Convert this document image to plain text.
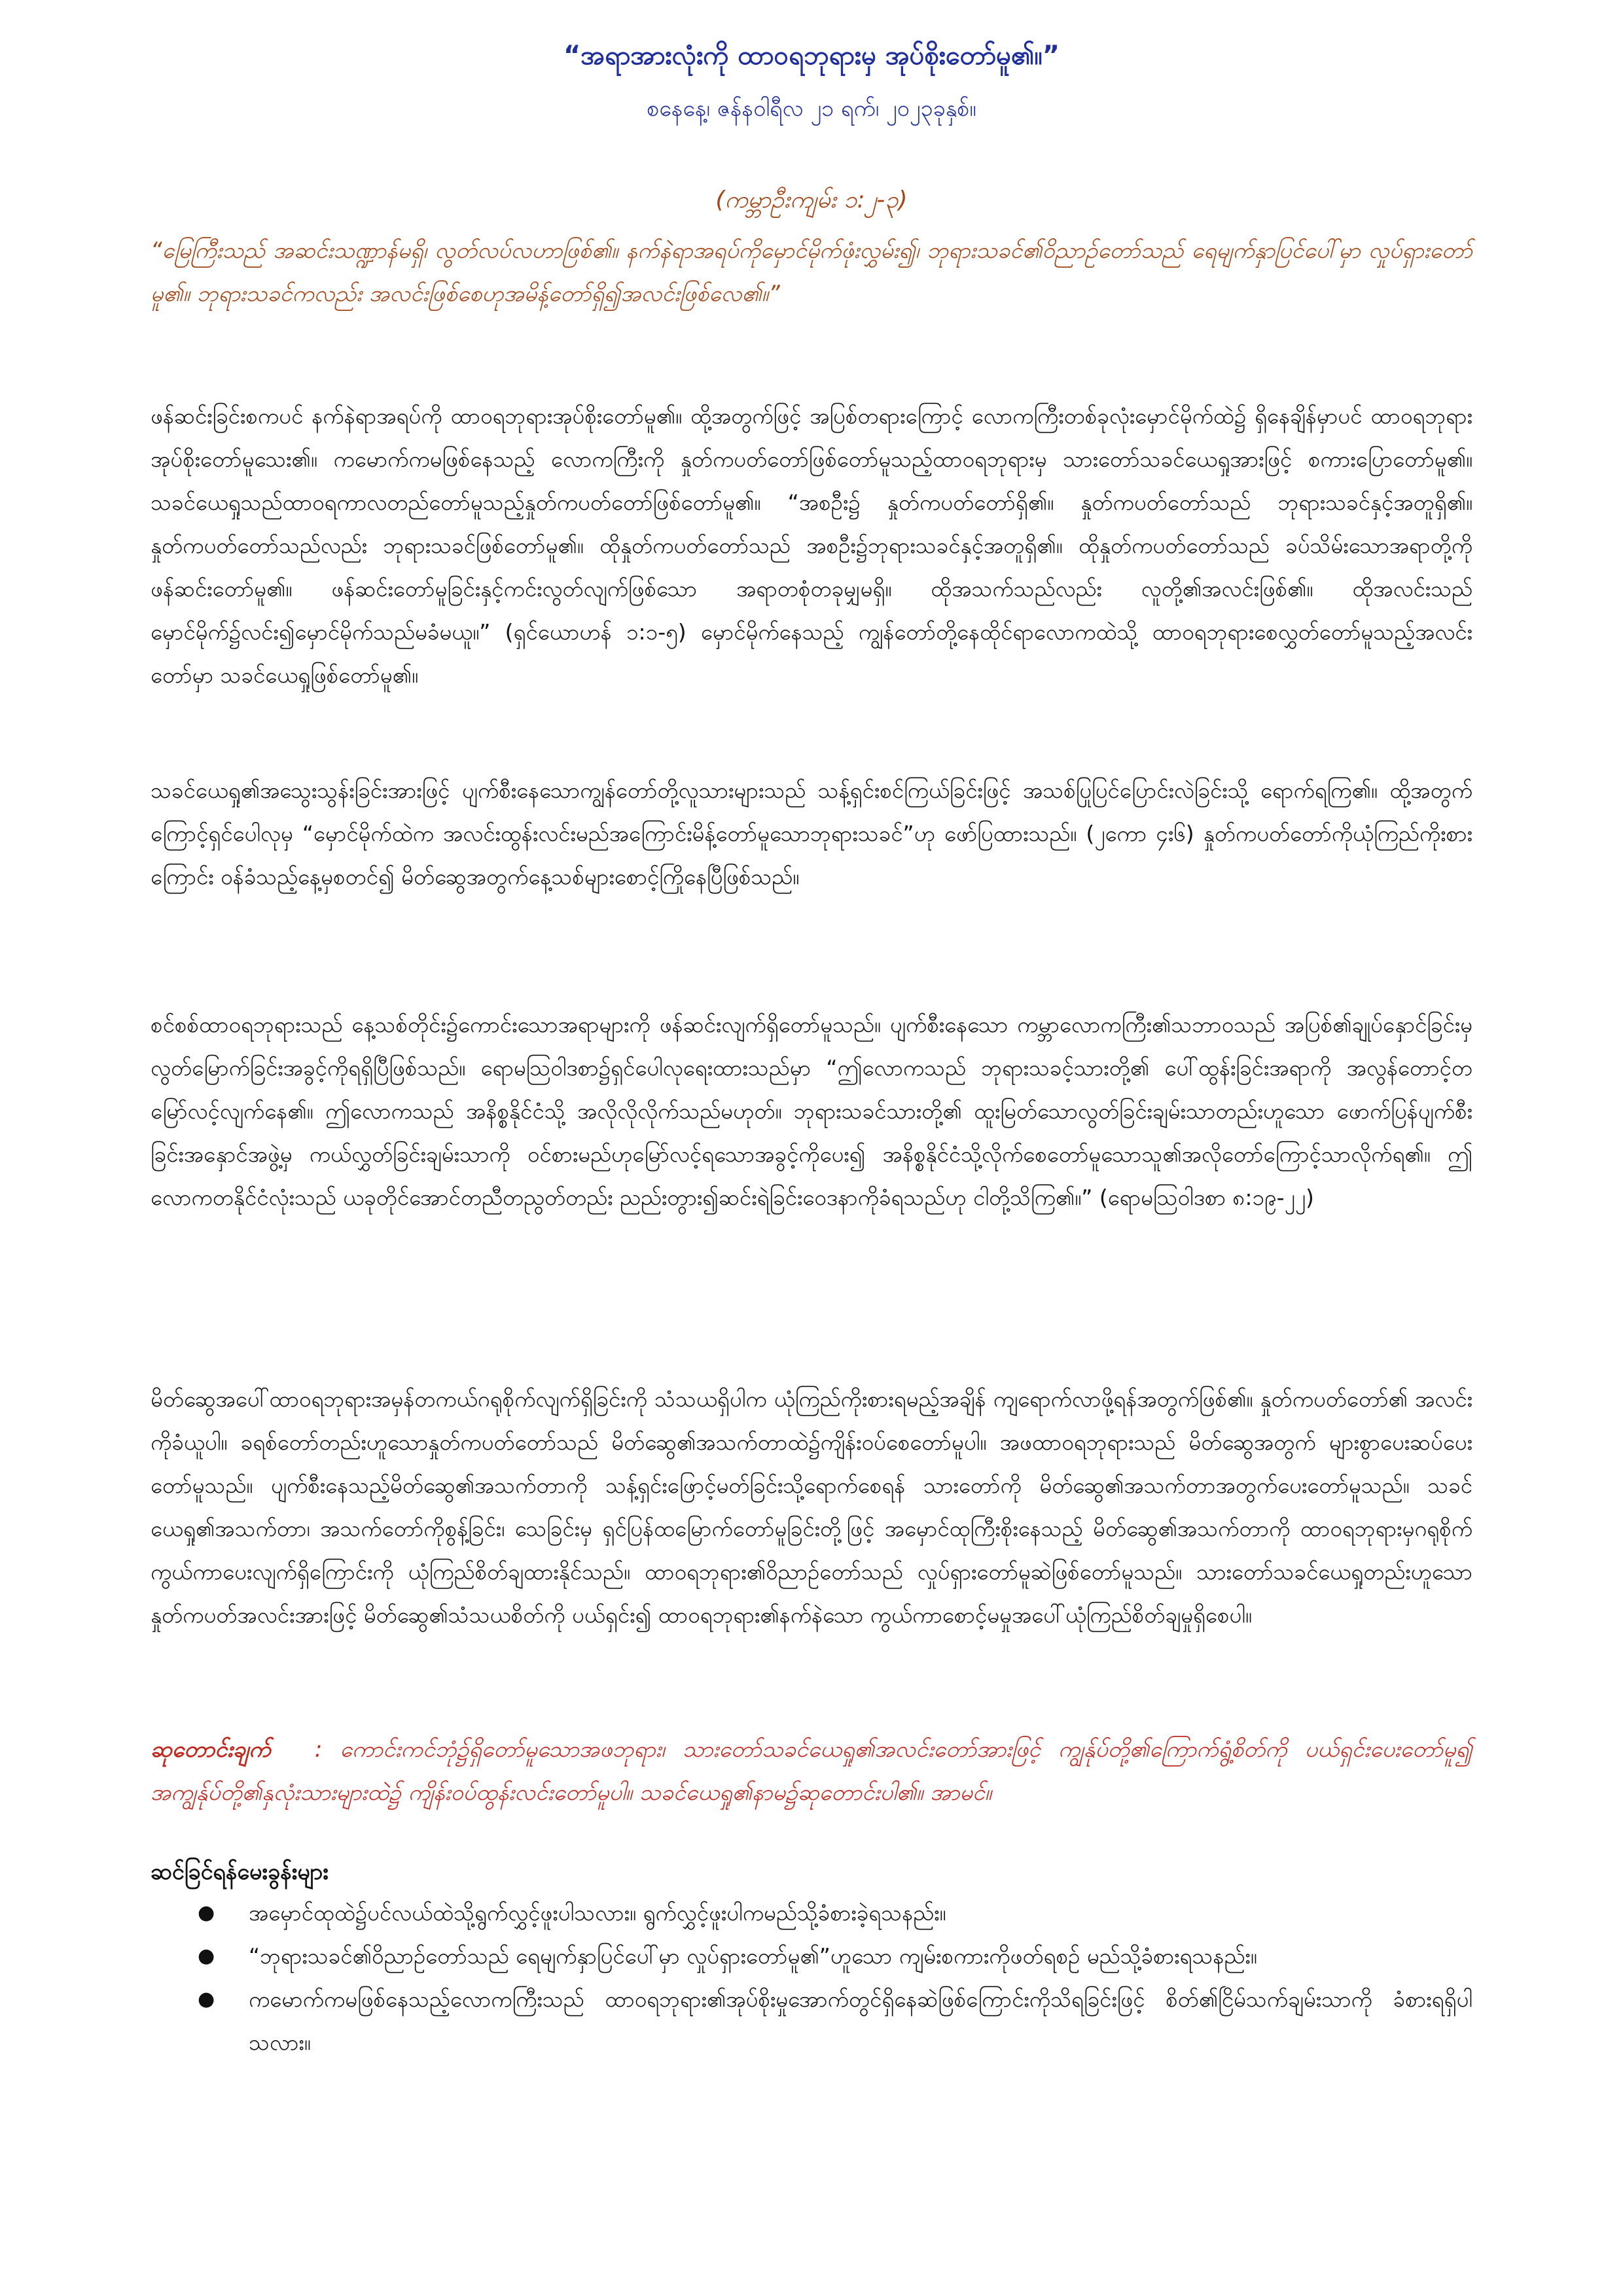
“အရာအားလုံးကို ထာဝရဘုရားမှ အုပ်စိုးတော်မူ၏။”
စနေနေ့၊ ဇန်နဝါရီလ ၂၁ ရက်၊ ၂၀၂၃ခုနှစ်။
(ကမ္ဘာဦးကျမ်း ၁:၂-၃)
“မြေကြီးသည် အဆင်းသဏ္ဍာန်မရှိ၊ လွတ်လပ်လဟာဖြစ်၏။ နက်နဲရာအရပ်ကိုမှောင်မိုက်ဖုံးလွှမ်း၍၊ ဘုရားသခင်၏ဝိညာဉ်တော်သည် ရေမျက်နှာပြင်ပေါ်မှာ လှုပ်ရှားတော်မူ၏။ ဘုရားသခင်ကလည်း အလင်းဖြစ်စေဟုအမိန့်တော်ရှိ၍အလင်းဖြစ်လေ၏။”

ဖန်ဆင်းခြင်းစကပင် နက်နဲရာအရပ်ကို ထာဝရဘုရားအုပ်စိုးတော်မူ၏။ ထို့အတွက်ဖြင့် အပြစ်တရားကြောင့် လောကကြီးတစ်ခုလုံးမှောင်မိုက်ထဲ၌ ရှိနေချိန်မှာပင် ထာဝရဘုရားအုပ်စိုးတော်မူသေး၏။ ကမောက်ကမဖြစ်နေသည့် လောကကြီးကို နှုတ်ကပတ်တော်ဖြစ်တော်မူသည့်ထာဝရဘုရားမှ သားတော်သခင်ယေရှုအားဖြင့် စကားပြောတော်မူ၏။ သခင်ယေရှုသည်ထာဝရကာလတည်တော်မူသည့်နှုတ်ကပတ်တော်ဖြစ်တော်မူ၏။ “အစဦး၌ နှုတ်ကပတ်တော်ရှိ၏။ နှုတ်ကပတ်တော်သည် ဘုရားသခင်နှင့်အတူရှိ၏။ နှုတ်ကပတ်တော်သည်လည်း ဘုရားသခင်ဖြစ်တော်မူ၏။ ထိုနှုတ်ကပတ်တော်သည် အစဦး၌ဘုရားသခင်နှင့်အတူရှိ၏။ ထိုနှုတ်ကပတ်တော်သည် ခပ်သိမ်းသောအရာတို့ကို ဖန်ဆင်းတော်မူ၏။ ဖန်ဆင်းတော်မူခြင်းနှင့်ကင်းလွတ်လျက်ဖြစ်သော အရာတစုံတခုမျှမရှိ။ ထိုအသက်သည်လည်း လူတို့၏အလင်းဖြစ်၏။ ထိုအလင်းသည်မှောင်မိုက်၌လင်း၍မှောင်မိုက်သည်မခံမယူ။” (ရှင်ယောဟန် ၁:၁-၅) မှောင်မိုက်နေသည့် ကျွန်တော်တို့နေထိုင်ရာလောကထဲသို့ ထာဝရဘုရားစေလွှတ်တော်မူသည့်အလင်းတော်မှာ သခင်ယေရှုဖြစ်တော်မူ၏။

သခင်ယေရှု၏အသွေးသွန်းခြင်းအားဖြင့် ပျက်စီးနေသောကျွန်တော်တို့လူသားများသည် သန့်ရှင်းစင်ကြယ်ခြင်းဖြင့် အသစ်ပြုပြင်ပြောင်းလဲခြင်းသို့ ရောက်ရကြ၏။ ထို့အတွက်ကြောင့်ရှင်ပေါလုမှ “မှောင်မိုက်ထဲက အလင်းထွန်းလင်းမည်အကြောင်းမိန့်တော်မူသောဘုရားသခင်”ဟု ဖော်ပြထားသည်။ (၂ကော ၄း၆) နှုတ်ကပတ်တော်ကိုယုံကြည်ကိုးစားကြောင်း ဝန်ခံသည့်နေ့မှစတင်၍ မိတ်ဆွေအတွက်နေ့သစ်များစောင့်ကြိုနေပြီဖြစ်သည်။

စင်စစ်ထာဝရဘုရားသည် နေ့သစ်တိုင်း၌ကောင်းသောအရာများကို ဖန်ဆင်းလျက်ရှိတော်မူသည်။ ပျက်စီးနေသော ကမ္ဘာလောကကြီး၏သဘာဝသည် အပြစ်၏ချုပ်နှောင်ခြင်းမှ လွတ်မြောက်ခြင်းအခွင့်ကိုရရှိပြီဖြစ်သည်။ ရောမသြဝါဒစာ၌ရှင်ပေါလုရေးထားသည်မှာ “ဤလောကသည် ဘုရားသခင့်သားတို့၏ ပေါ်ထွန်းခြင်းအရာကို အလွန်တောင့်တမြော်လင့်လျက်နေ၏။ ဤလောကသည် အနိစ္စနိုင်ငံသို့ အလိုလိုလိုက်သည်မဟုတ်။ ဘုရားသခင်သားတို့၏ ထူးမြတ်သောလွတ်ခြင်းချမ်းသာတည်းဟူသော ဖောက်ပြန်ပျက်စီးခြင်းအနှောင်အဖွဲ့မှ ကယ်လွှတ်ခြင်းချမ်းသာကို ဝင်စားမည်ဟုမြော်လင့်ရသောအခွင့်ကိုပေး၍ အနိစ္စနိုင်ငံသို့လိုက်စေတော်မူသောသူ၏အလိုတော်ကြောင့်သာလိုက်ရ၏။ ဤလောကတနိုင်ငံလုံးသည် ယခုတိုင်အောင်တညီတညွတ်တည်း ညည်းတွား၍ဆင်းရဲခြင်းဝေဒနာကိုခံရသည်ဟု ငါတို့သိကြ၏။” (ရောမသြဝါဒစာ ၈:၁၉-၂၂)

မိတ်ဆွေအပေါ်ထာဝရဘုရားအမှန်တကယ်ဂရုစိုက်လျက်ရှိခြင်းကို သံသယရှိပါက ယုံကြည်ကိုးစားရမည့်အချိန် ကျရောက်လာဖို့ရန်အတွက်ဖြစ်၏။ နှုတ်ကပတ်တော်၏ အလင်းကိုခံယူပါ။ ခရစ်တော်တည်းဟူသောနှုတ်ကပတ်တော်သည် မိတ်ဆွေ၏အသက်တာထဲ၌ကျိန်းဝပ်စေတော်မူပါ။ အဖထာဝရဘုရားသည် မိတ်ဆွေအတွက် များစွာပေးဆပ်ပေးတော်မူသည်။ ပျက်စီးနေသည့်မိတ်ဆွေ၏အသက်တာကို သန့်ရှင်းဖြောင့်မတ်ခြင်းသို့ရောက်စေရန် သားတော်ကို မိတ်ဆွေ၏အသက်တာအတွက်ပေးတော်မူသည်။ သခင်ယေရှု၏အသက်တာ၊ အသက်တော်ကိုစွန့်ခြင်း၊ သေခြင်းမှ ရှင်ပြန်ထမြောက်တော်မူခြင်းတို့ဖြင့် အမှောင်ထုကြီးစိုးနေသည့် မိတ်ဆွေ၏အသက်တာကို ထာဝရဘုရားမှဂရုစိုက်ကွယ်ကာပေးလျက်ရှိကြောင်းကို ယုံကြည်စိတ်ချထားနိုင်သည်။ ထာဝရဘုရား၏ဝိညာဉ်တော်သည် လှုပ်ရှားတော်မူဆဲဖြစ်တော်မူသည်။ သားတော်သခင်ယေရှုတည်းဟူသော နှုတ်ကပတ်အလင်းအားဖြင့် မိတ်ဆွေ၏သံသယစိတ်ကို ပယ်ရှင်း၍ ထာဝရဘုရား၏နက်နဲသော ကွယ်ကာစောင့်မမှုအပေါ်ယုံကြည်စိတ်ချမှုရှိစေပါ။

ဆုတောင်းချက် : ကောင်းကင်ဘုံ၌ရှိတော်မူသောအဖဘုရား၊ သားတော်သခင်ယေရှု၏အလင်းတော်အားဖြင့် ကျွန်ုပ်တို့၏ကြောက်ရွံ့စိတ်ကို ပယ်ရှင်းပေးတော်မူ၍ အကျွန်ုပ်တို့၏နှလုံးသားများထဲ၌ ကျိန်းဝပ်ထွန်းလင်းတော်မူပါ။ သခင်ယေရှု၏နာမ၌ဆုတောင်းပါ၏။ အာမင်။
ဆင်ခြင်ရန်မေးခွန်းများ
● အမှောင်ထုထဲ၌ပင်လယ်ထဲသို့ရွက်လွှင့်ဖူးပါသလား။ ရွက်လွှင့်ဖူးပါကမည်သို့ခံစားခဲ့ရသနည်း။
● “ဘုရားသခင်၏ဝိညာဉ်တော်သည် ရေမျက်နှာပြင်ပေါ်မှာ လှုပ်ရှားတော်မူ၏”ဟူသော ကျမ်းစကားကိုဖတ်ရစဉ် မည်သို့ခံစားရသနည်း။
● ကမောက်ကမဖြစ်နေသည့်လောကကြီးသည် ထာဝရဘုရား၏အုပ်စိုးမှုအောက်တွင်ရှိနေဆဲဖြစ်ကြောင်းကိုသိရခြင်းဖြင့် စိတ်၏ငြိမ်သက်ချမ်းသာကို ခံစားရရှိပါသလား။
